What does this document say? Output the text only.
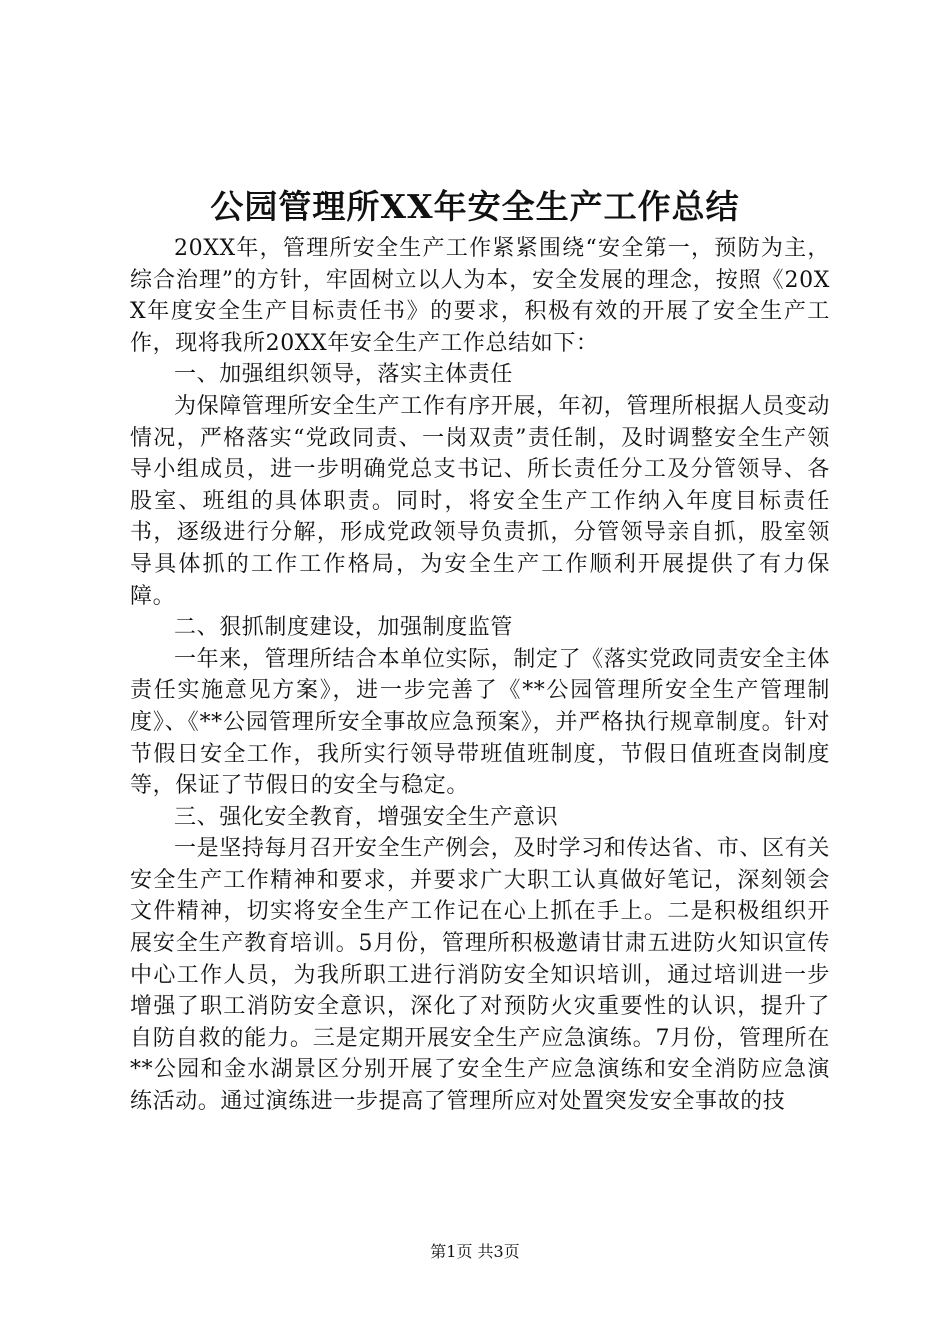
公园管理所XX年安全生产工作总结

20XX年，管理所安全生产工作紧紧围绕“安全第一，预防为主，综合治理”的方针，牢固树立以人为本，安全发展的理念，按照《20XX年度安全生产目标责任书》的要求，积极有效的开展了安全生产工作，现将我所20XX年安全生产工作总结如下：

一、加强组织领导，落实主体责任

为保障管理所安全生产工作有序开展，年初，管理所根据人员变动情况，严格落实“党政同责、一岗双责”责任制，及时调整安全生产领导小组成员，进一步明确党总支书记、所长责任分工及分管领导、各股室、班组的具体职责。同时，将安全生产工作纳入年度目标责任书，逐级进行分解，形成党政领导负责抓，分管领导亲自抓，股室领导具体抓的工作工作格局，为安全生产工作顺利开展提供了有力保障。

二、狠抓制度建设，加强制度监管

一年来，管理所结合本单位实际，制定了《落实党政同责安全主体责任实施意见方案》，进一步完善了《**公园管理所安全生产管理制度》、《**公园管理所安全事故应急预案》，并严格执行规章制度。针对节假日安全工作，我所实行领导带班值班制度，节假日值班查岗制度等，保证了节假日的安全与稳定。

三、强化安全教育，增强安全生产意识

一是坚持每月召开安全生产例会，及时学习和传达省、市、区有关安全生产工作精神和要求，并要求广大职工认真做好笔记，深刻领会文件精神，切实将安全生产工作记在心上抓在手上。二是积极组织开展安全生产教育培训。5月份，管理所积极邀请甘肃五进防火知识宣传中心工作人员，为我所职工进行消防安全知识培训，通过培训进一步增强了职工消防安全意识，深化了对预防火灾重要性的认识，提升了自防自救的能力。三是定期开展安全生产应急演练。7月份，管理所在**公园和金水湖景区分别开展了安全生产应急演练和安全消防应急演练活动。通过演练进一步提高了管理所应对处置突发安全事故的技

第1页 共3页
